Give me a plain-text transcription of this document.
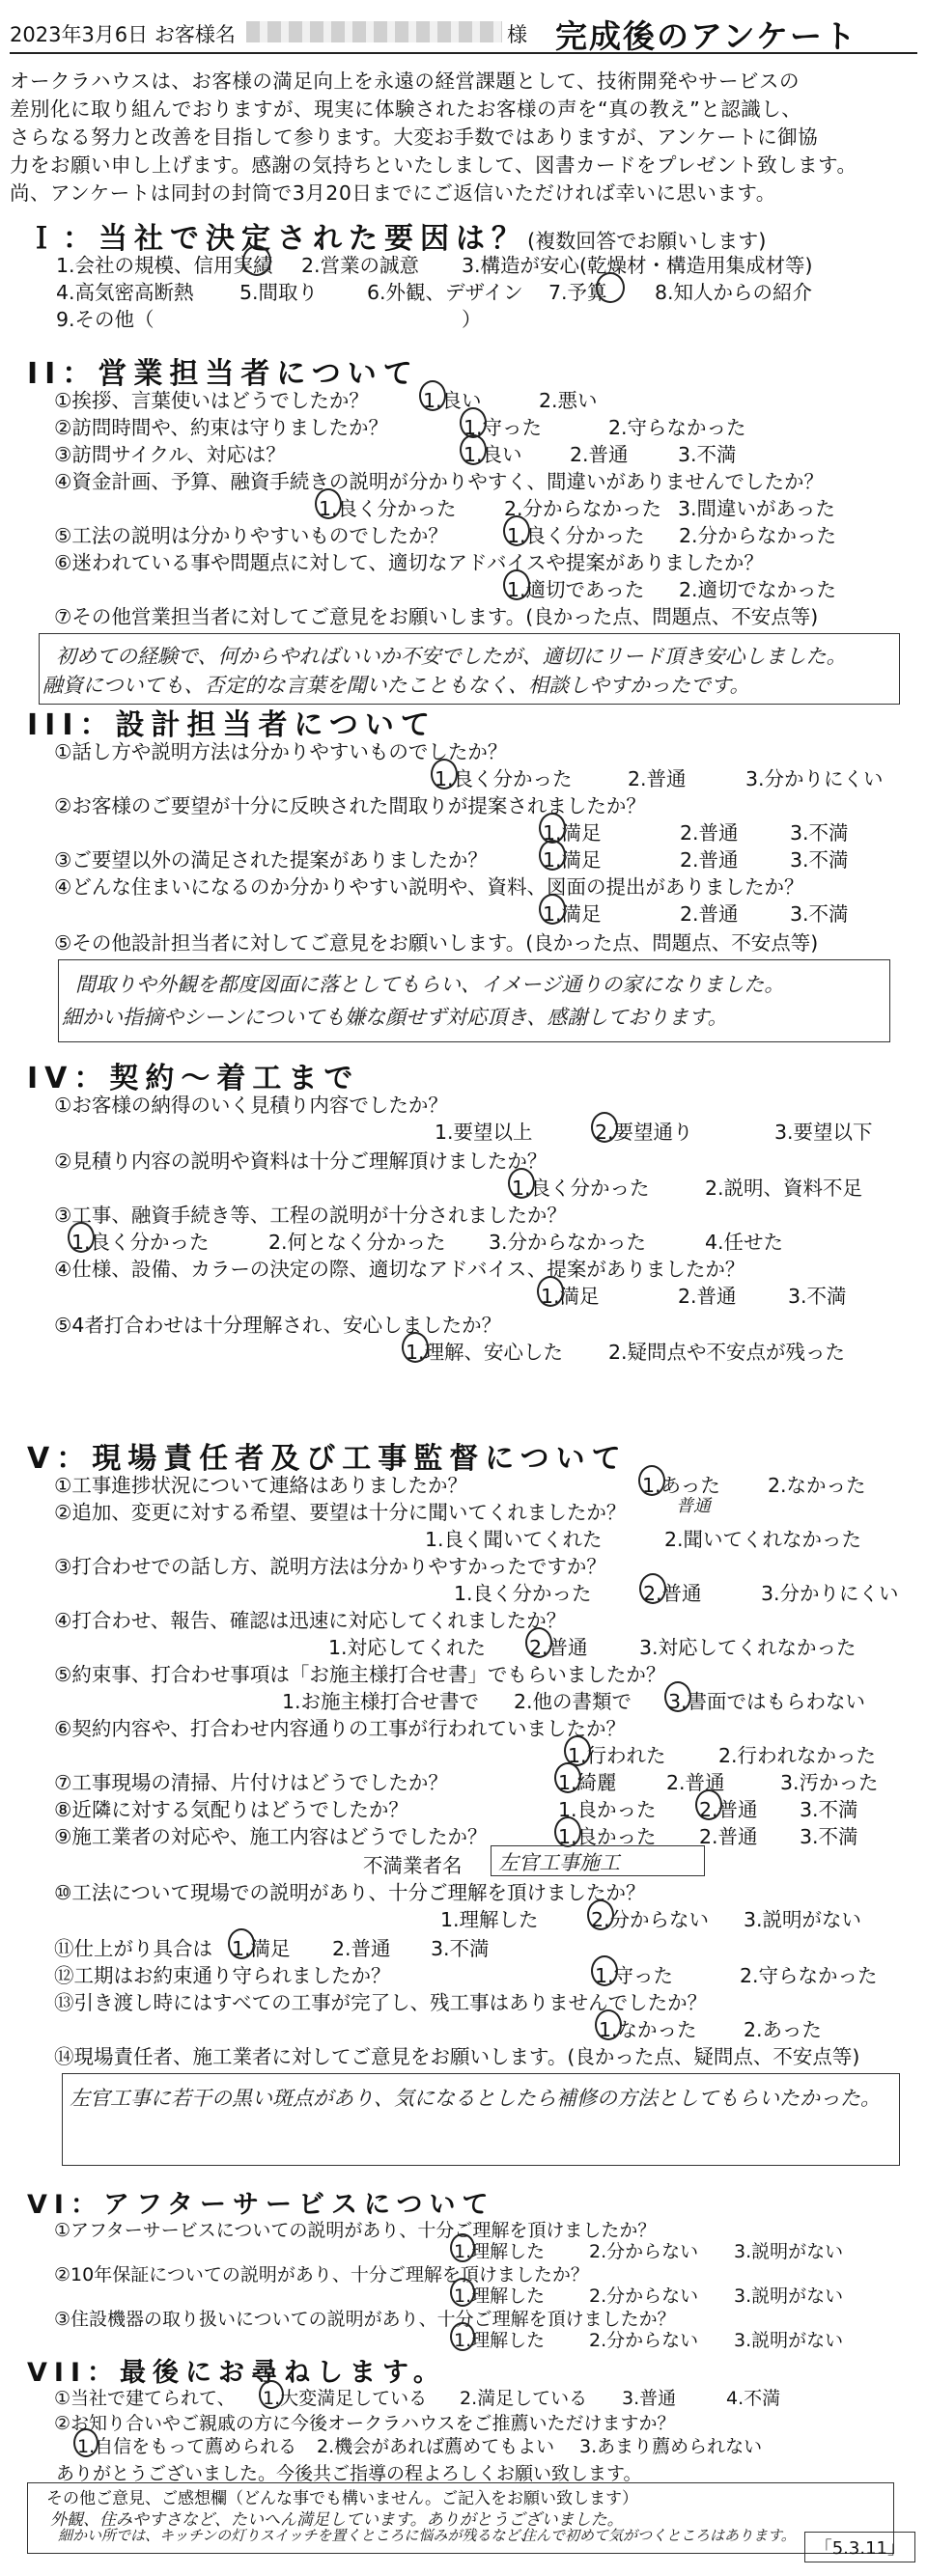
2023年3月6日 お客様名	様 完成後のアンケート
オークラハウスは、お客様の満足向上を永遠の経営課題として、技術開発やサービスの
差別化に取り組んでおりますが、現実に体験されたお客様の声を“真の教え”と認識し、
さらなる努力と改善を目指して参ります。大変お手数ではありますが、アンケートに御協
力をお願い申し上げます。感謝の気持ちといたしまして、図書カードをプレゼント致します。
尚、アンケートは同封の封筒で3月20日までにご返信いただければ幸いに思います。
Ｉ：当社で決定された要因は？(複数回答でお願いします)
1.会社の規模、信用実績 2.営業の誠意 3.構造が安心(乾燥材・構造用集成材等)
4.高気密高断熱 5.間取り 6.外観、デザイン 7.予算 8.知人からの紹介
9.その他（	）
II：営業担当者について
①挨拶、言葉使いはどうでしたか？	1.良い	2.悪い
②訪問時間や、約束は守りましたか？	1.守った	2.守らなかった
③訪問サイクル、対応は？	1.良い 2.普通	3.不満
④資金計画、予算、融資手続きの説明が分かりやすく、間違いがありませんでしたか？
1.良く分かった 2.分からなかった 3.間違いがあった
⑤工法の説明は分かりやすいものでしたか？	1.良く分かった 2.分からなかった
⑥迷われている事や問題点に対して、適切なアドバイスや提案がありましたか？
1.適切であった 2.適切でなかった
⑦その他営業担当者に対してご意見をお願いします。(良かった点、問題点、不安点等)
初めての経験で、何からやればいいか不安でしたが、適切にリード頂き安心しました。
融資についても、否定的な言葉を聞いたこともなく、相談しやすかったです。
III：設計担当者について
①話し方や説明方法は分かりやすいものでしたか？
1.良く分かった	2.普通	3.分かりにくい
②お客様のご要望が十分に反映された間取りが提案されましたか？
1.満足	2.普通	3.不満
③ご要望以外の満足された提案がありましたか？	1.満足	2.普通	3.不満
④どんな住まいになるのか分かりやすい説明や、資料、図面の提出がありましたか？
1.満足	2.普通	3.不満
⑤その他設計担当者に対してご意見をお願いします。(良かった点、問題点、不安点等)
間取りや外観を都度図面に落としてもらい、イメージ通りの家になりました。
細かい指摘やシーンについても嫌な顔せず対応頂き、感謝しております。
IV：契約～着工まで
①お客様の納得のいく見積り内容でしたか？
1.要望以上	2.要望通り	3.要望以下
②見積り内容の説明や資料は十分ご理解頂けましたか？
1.良く分かった	2.説明、資料不足
③工事、融資手続き等、工程の説明が十分されましたか？
1.良く分かった	2.何となく分かった 3.分からなかった	4.任せた
④仕様、設備、カラーの決定の際、適切なアドバイス、提案がありましたか？
1.満足	2.普通	3.不満
⑤4者打合わせは十分理解され、安心しましたか？
1.理解、安心した 2.疑問点や不安点が残った
V：現場責任者及び工事監督について
①工事進捗状況について連絡はありましたか？	1.あった 2.なかった
②追加、変更に対する希望、要望は十分に聞いてくれましたか？	普通
1.良く聞いてくれた	2.聞いてくれなかった
③打合わせでの話し方、説明方法は分かりやすかったですか？
1.良く分かった	2.普通	3.分かりにくい
④打合わせ、報告、確認は迅速に対応してくれましたか？
1.対応してくれた 2.普通	3.対応してくれなかった
⑤約束事、打合わせ事項は「お施主様打合せ書」でもらいましたか？
1.お施主様打合せ書で 2.他の書類で 3.書面ではもらわない
⑥契約内容や、打合わせ内容通りの工事が行われていましたか？
1.行われた	2.行われなかった
⑦工事現場の清掃、片付けはどうでしたか？	1.綺麗	2.普通	3.汚かった
⑧近隣に対する気配りはどうでしたか？	1.良かった 2.普通 3.不満
⑨施工業者の対応や、施工内容はどうでしたか？	1.良かった 2.普通 3.不満
不満業者名 左官工事施工
⑩工法について現場での説明があり、十分ご理解を頂けましたか？
1.理解した	2.分からない 3.説明がない
⑪仕上がり具合は 1.満足 2.普通 3.不満
⑫工期はお約束通り守られましたか？	1.守った	2.守らなかった
⑬引き渡し時にはすべての工事が完了し、残工事はありませんでしたか？
1.なかった 2.あった
⑭現場責任者、施工業者に対してご意見をお願いします。(良かった点、疑問点、不安点等)
左官工事に若干の黒い斑点があり、気になるとしたら補修の方法としてもらいたかった。
VI：アフターサービスについて
①アフターサービスについての説明があり、十分ご理解を頂けましたか？
1.理解した 2.分からない 3.説明がない
②10年保証についての説明があり、十分ご理解を頂けましたか？
1.理解した 2.分からない 3.説明がない
③住設機器の取り扱いについての説明があり、十分ご理解を頂けましたか？
1.理解した 2.分からない 3.説明がない
VII：最後にお尋ねします。
①当社で建てられて、 1.大変満足している 2.満足している 3.普通	4.不満
②お知り合いやご親戚の方に今後オークラハウスをご推薦いただけますか？
1.自信をもって薦められる 2.機会があれば薦めてもよい 3.あまり薦められない
ありがとうございました。今後共ご指導の程よろしくお願い致します。
その他ご意見、ご感想欄（どんな事でも構いません。ご記入をお願い致します）
外観、住みやすさなど、たいへん満足しています。ありがとうございました。
細かい所では、キッチンの灯りスイッチを置くところに悩みが残るなど、
住んで初めて気がつくところはあります。
「5.3.11」
